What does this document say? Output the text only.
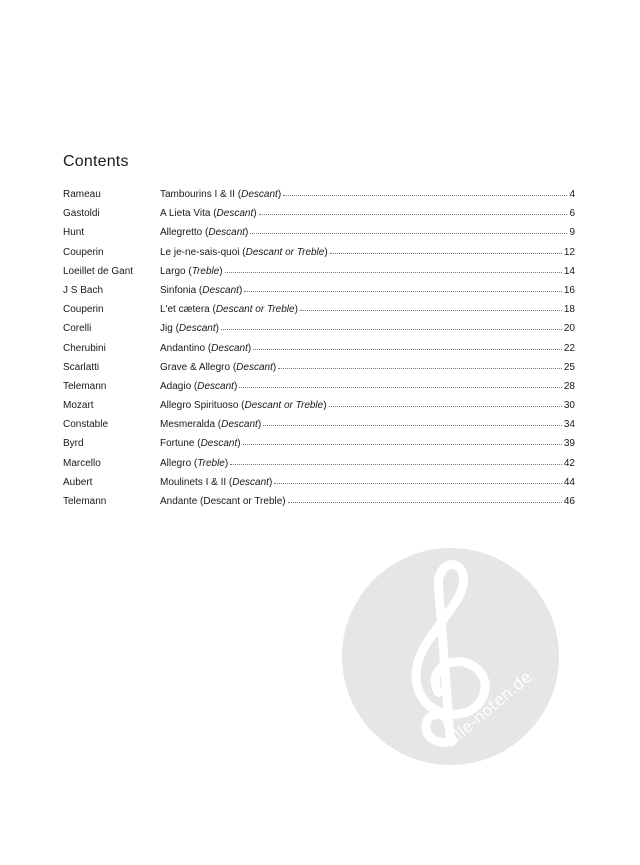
Contents
Rameau	Tambourins I & II (Descant)	4
Gastoldi	A Lieta Vita (Descant)	6
Hunt	Allegretto (Descant)	9
Couperin	Le je-ne-sais-quoi (Descant or Treble)	12
Loeillet de Gant	Largo (Treble)	14
J S Bach	Sinfonia (Descant)	16
Couperin	L'et cætera (Descant or Treble)	18
Corelli	Jig (Descant)	20
Cherubini	Andantino (Descant)	22
Scarlatti	Grave & Allegro (Descant)	25
Telemann	Adagio (Descant)	28
Mozart	Allegro Spirituoso (Descant or Treble)	30
Constable	Mesmeralda (Descant)	34
Byrd	Fortune (Descant)	39
Marcello	Allegro (Treble)	42
Aubert	Moulinets I & II (Descant)	44
Telemann	Andante (Descant or Treble)	46
alle-noten.de
